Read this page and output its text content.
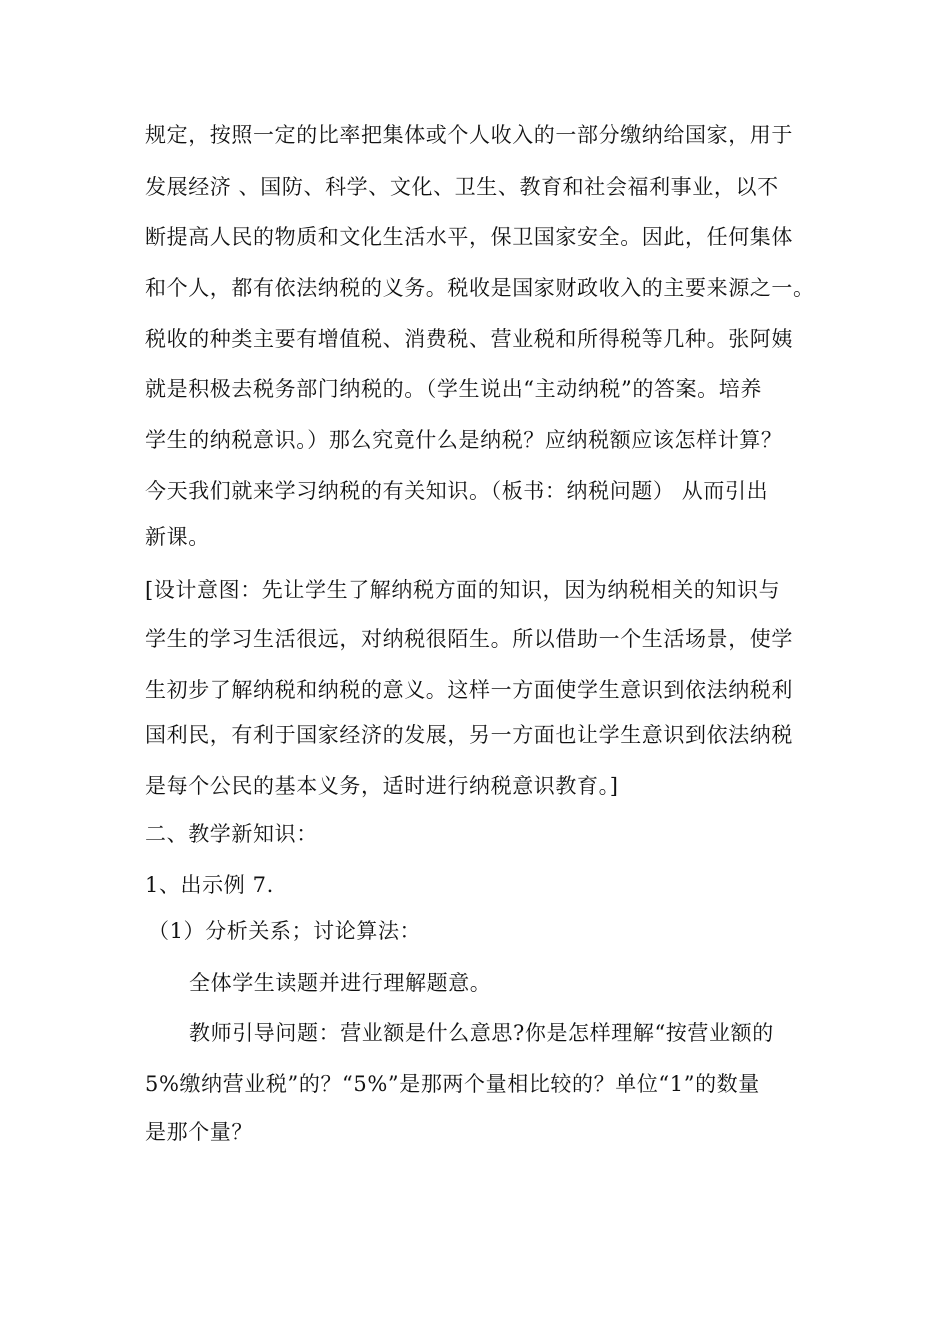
规定，按照一定的比率把集体或个人收入的一部分缴纳给国家，用于
发展经济 、国防、科学、文化、卫生、教育和社会福利事业，以不
断提高人民的物质和文化生活水平，保卫国家安全。因此，任何集体
和个人，都有依法纳税的义务。税收是国家财政收入的主要来源之一。
税收的种类主要有增值税、消费税、营业税和所得税等几种。张阿姨
就是积极去税务部门纳税的。（学生说出“主动纳税”的答案。培养
学生的纳税意识。）那么究竟什么是纳税？应纳税额应该怎样计算？
今天我们就来学习纳税的有关知识。（板书：纳税问题） 从而引出
新课。
[设计意图：先让学生了解纳税方面的知识，因为纳税相关的知识与
学生的学习生活很远，对纳税很陌生。所以借助一个生活场景，使学
生初步了解纳税和纳税的意义。这样一方面使学生意识到依法纳税利
国利民，有利于国家经济的发展，另一方面也让学生意识到依法纳税
是每个公民的基本义务，适时进行纳税意识教育。]
二、教学新知识：
1、出示例 7.
（1）分析关系；讨论算法：
全体学生读题并进行理解题意。
教师引导问题：营业额是什么意思?你是怎样理解“按营业额的
5%缴纳营业税”的？“5%”是那两个量相比较的？单位“1”的数量
是那个量？
